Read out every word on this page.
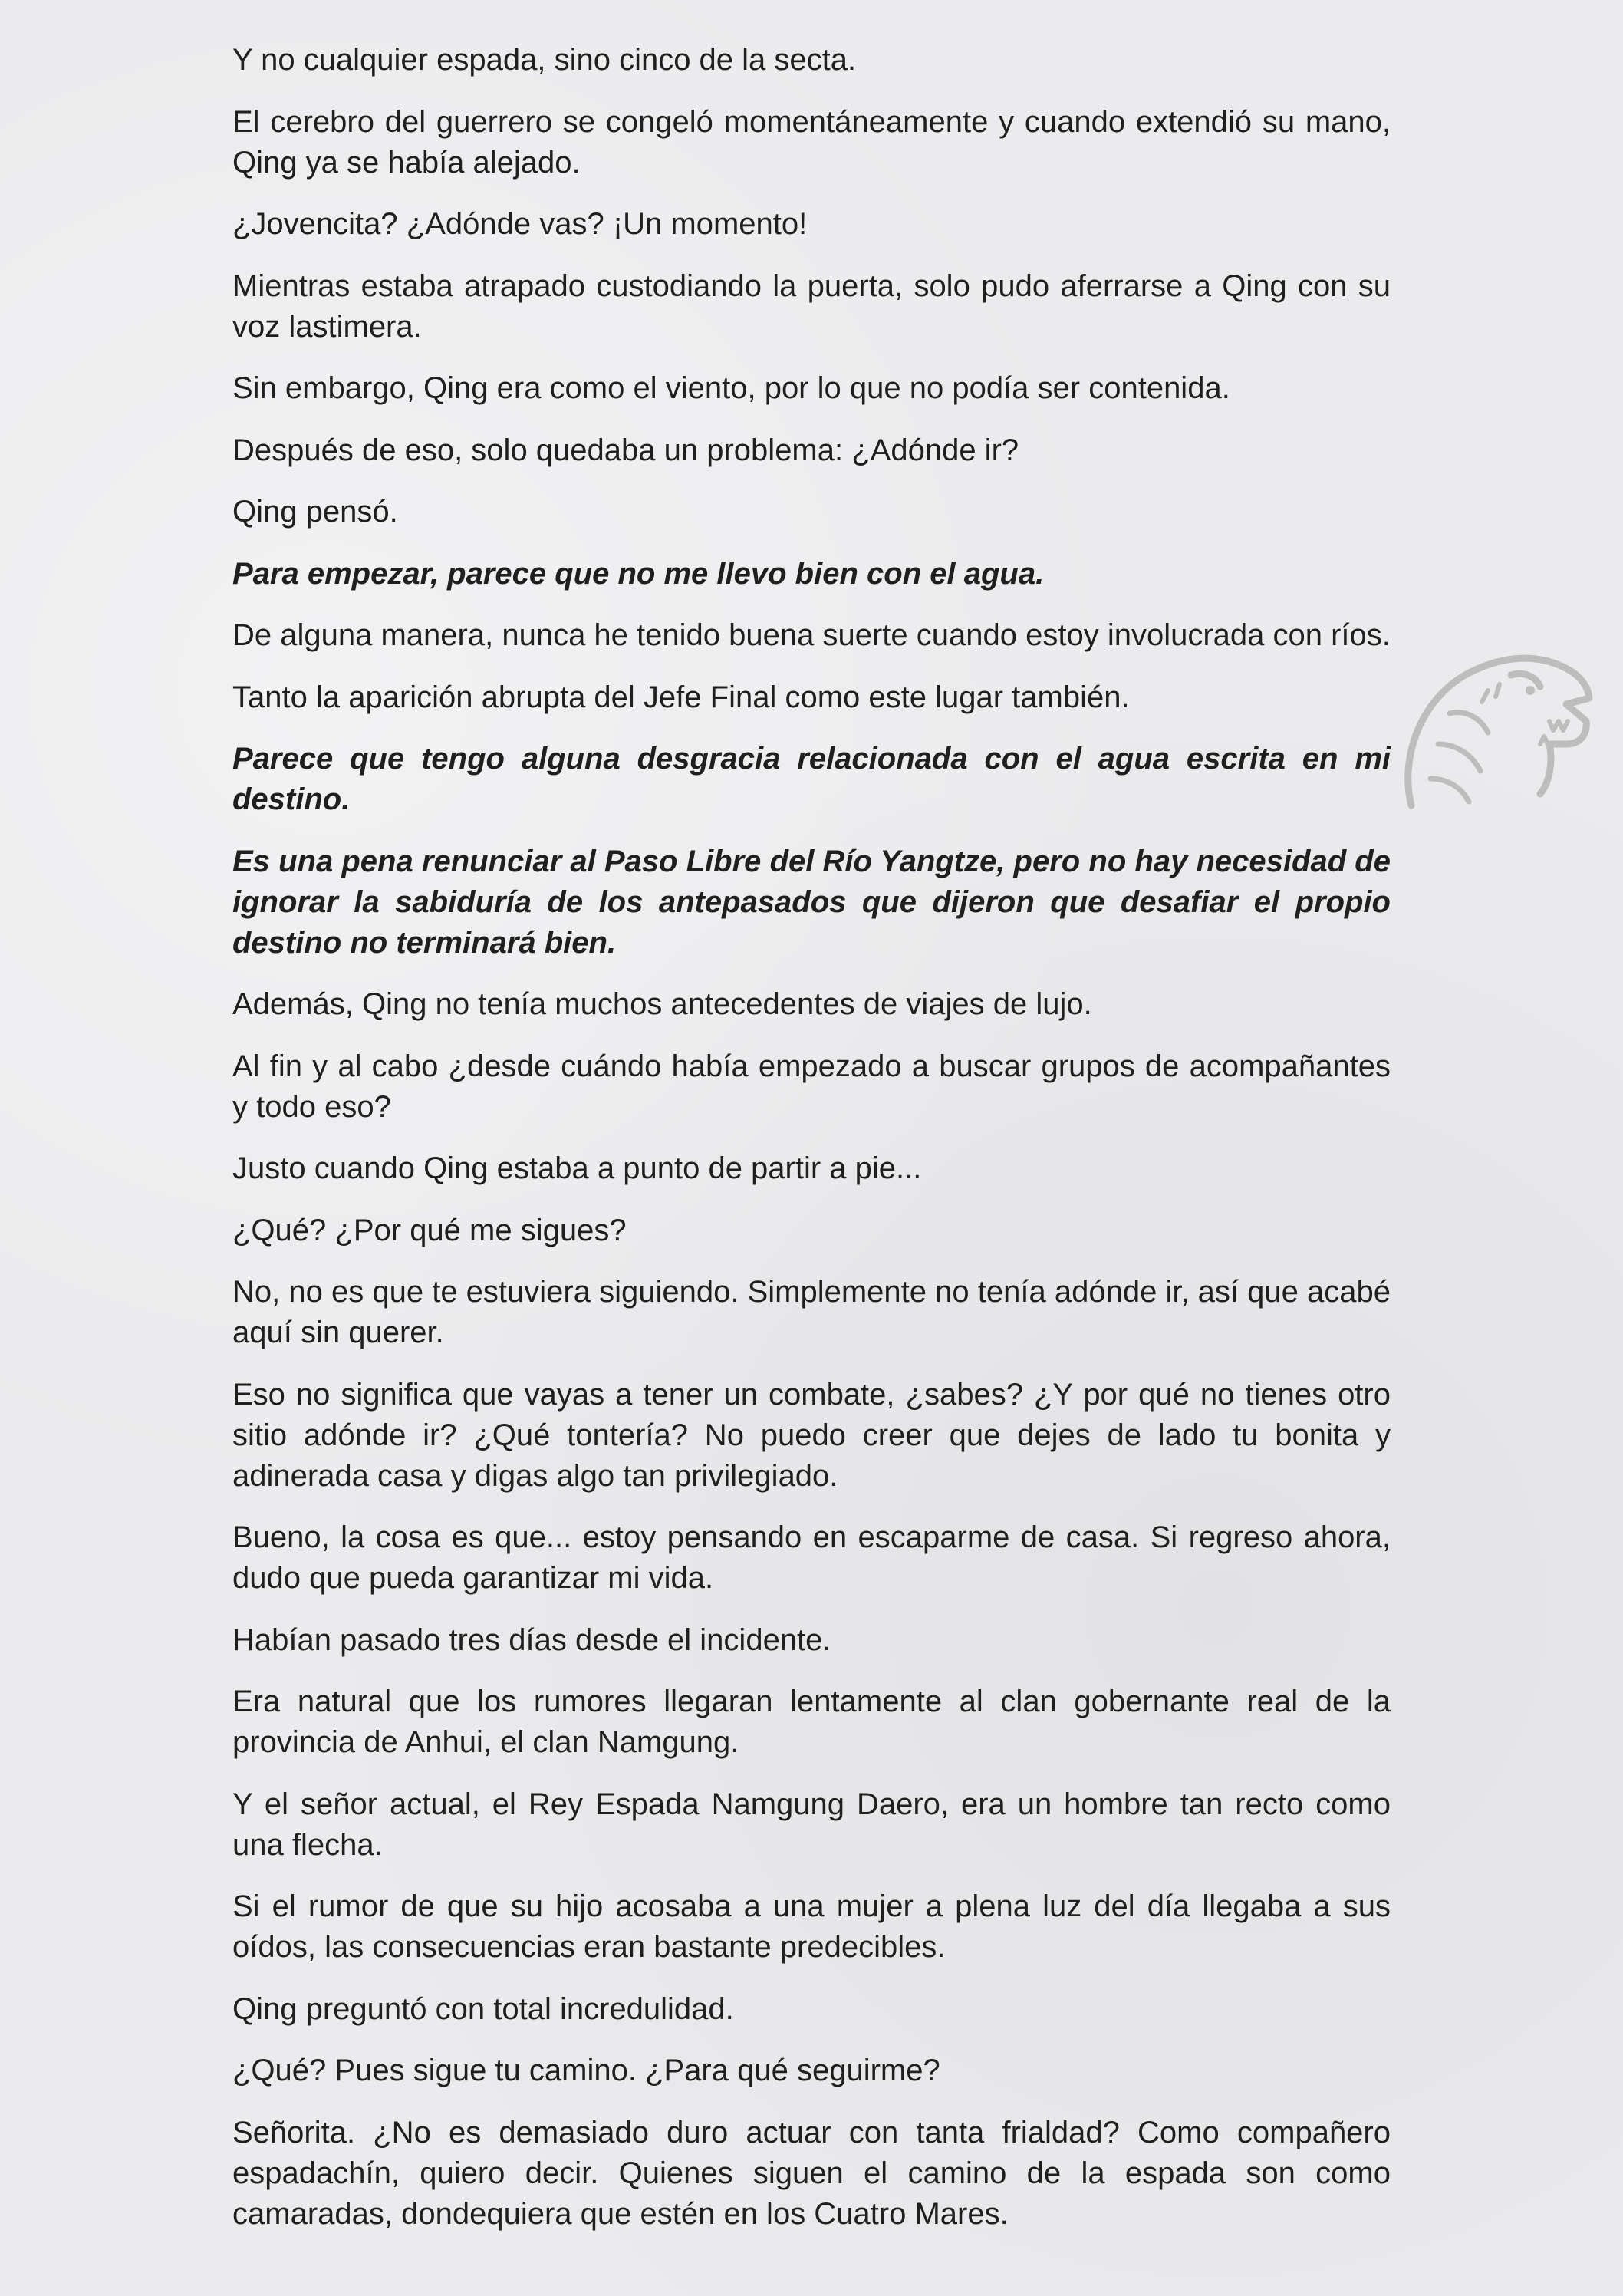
Y no cualquier espada, sino cinco de la secta.

El cerebro del guerrero se congeló momentáneamente y cuando extendió su mano, Qing ya se había alejado.

¿Jovencita? ¿Adónde vas? ¡Un momento!

Mientras estaba atrapado custodiando la puerta, solo pudo aferrarse a Qing con su voz lastimera.

Sin embargo, Qing era como el viento, por lo que no podía ser contenida.

Después de eso, solo quedaba un problema: ¿Adónde ir?

Qing pensó.

Para empezar, parece que no me llevo bien con el agua.

De alguna manera, nunca he tenido buena suerte cuando estoy involucrada con ríos.

Tanto la aparición abrupta del Jefe Final como este lugar también.

Parece que tengo alguna desgracia relacionada con el agua escrita en mi destino.

Es una pena renunciar al Paso Libre del Río Yangtze, pero no hay necesidad de ignorar la sabiduría de los antepasados que dijeron que desafiar el propio destino no terminará bien.

Además, Qing no tenía muchos antecedentes de viajes de lujo.

Al fin y al cabo ¿desde cuándo había empezado a buscar grupos de acompañantes y todo eso?

Justo cuando Qing estaba a punto de partir a pie...

¿Qué? ¿Por qué me sigues?

No, no es que te estuviera siguiendo. Simplemente no tenía adónde ir, así que acabé aquí sin querer.

Eso no significa que vayas a tener un combate, ¿sabes? ¿Y por qué no tienes otro sitio adónde ir? ¿Qué tontería? No puedo creer que dejes de lado tu bonita y adinerada casa y digas algo tan privilegiado.

Bueno, la cosa es que... estoy pensando en escaparme de casa. Si regreso ahora, dudo que pueda garantizar mi vida.

Habían pasado tres días desde el incidente.

Era natural que los rumores llegaran lentamente al clan gobernante real de la provincia de Anhui, el clan Namgung.

Y el señor actual, el Rey Espada Namgung Daero, era un hombre tan recto como una flecha.

Si el rumor de que su hijo acosaba a una mujer a plena luz del día llegaba a sus oídos, las consecuencias eran bastante predecibles.

Qing preguntó con total incredulidad.

¿Qué? Pues sigue tu camino. ¿Para qué seguirme?

Señorita. ¿No es demasiado duro actuar con tanta frialdad? Como compañero espadachín, quiero decir. Quienes siguen el camino de la espada son como camaradas, dondequiera que estén en los Cuatro Mares.
